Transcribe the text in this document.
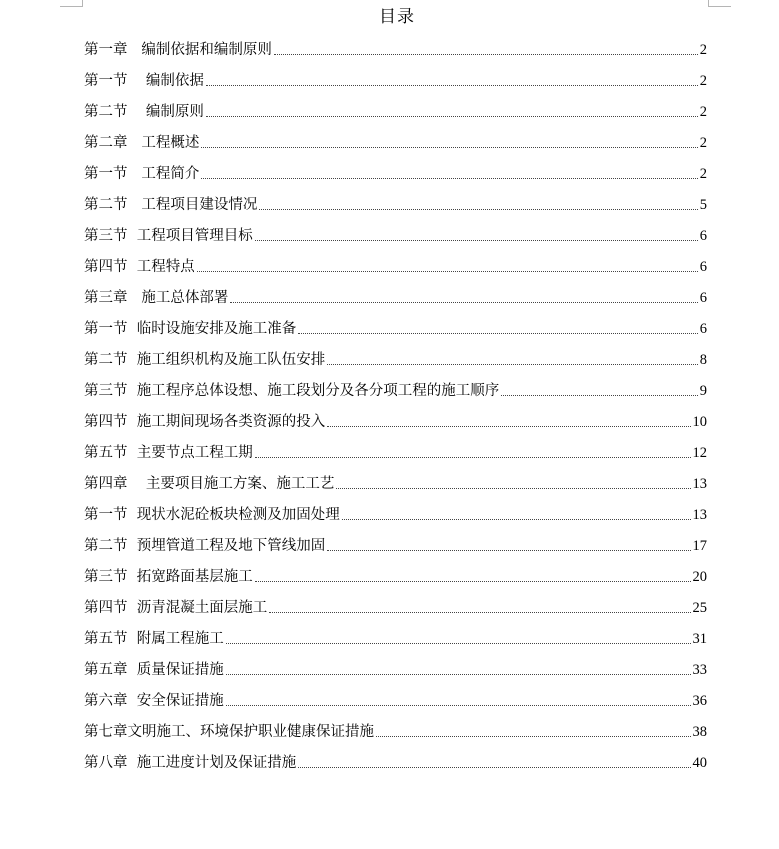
目录
第一章   编制依据和编制原则	2
第一节    编制依据	2
第二节    编制原则	2
第二章   工程概述	2
第一节   工程简介	2
第二节   工程项目建设情况	5
第三节  工程项目管理目标	6
第四节  工程特点	6
第三章   施工总体部署	6
第一节  临时设施安排及施工准备	6
第二节  施工组织机构及施工队伍安排	8
第三节  施工程序总体设想、施工段划分及各分项工程的施工顺序	9
第四节  施工期间现场各类资源的投入	10
第五节  主要节点工程工期	12
第四章    主要项目施工方案、施工工艺	13
第一节  现状水泥砼板块检测及加固处理	13
第二节  预埋管道工程及地下管线加固	17
第三节  拓宽路面基层施工	20
第四节  沥青混凝土面层施工	25
第五节  附属工程施工	31
第五章  质量保证措施	33
第六章  安全保证措施	36
第七章文明施工、环境保护职业健康保证措施	38
第八章  施工进度计划及保证措施	40
